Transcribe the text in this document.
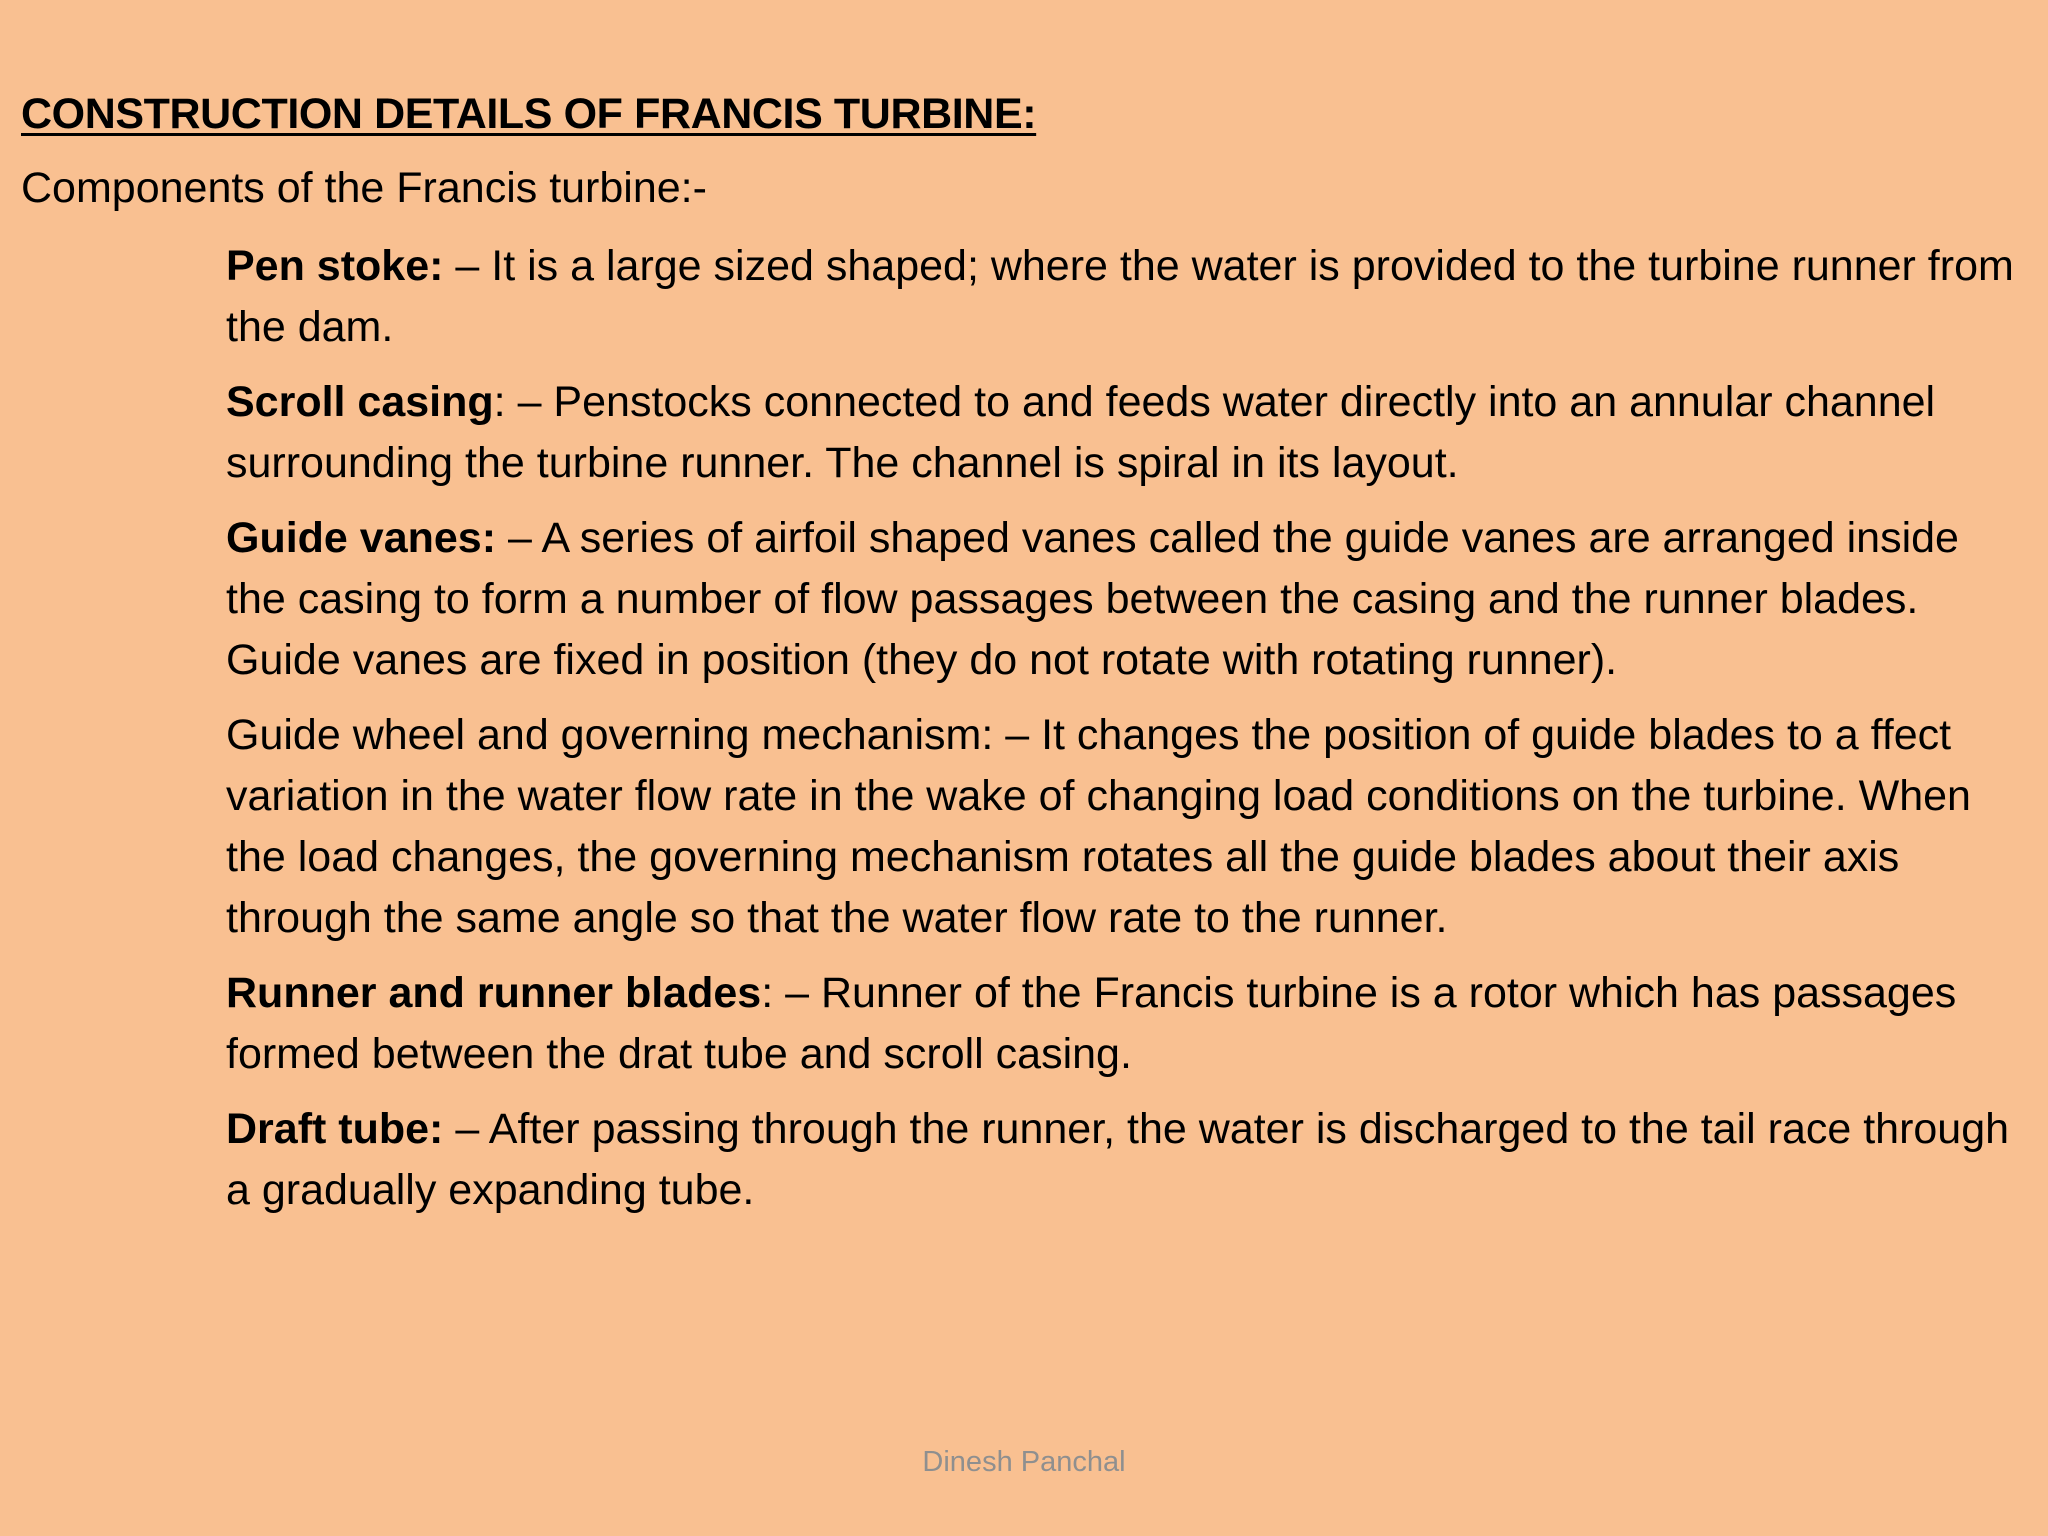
CONSTRUCTION DETAILS OF FRANCIS TURBINE:

Components of the Francis turbine:-

Pen stoke: – It is a large sized shaped; where the water is provided to the turbine runner from the dam.
Scroll casing: – Penstocks connected to and feeds water directly into an annular channel surrounding the turbine runner. The channel is spiral in its layout.
Guide vanes: – A series of airfoil shaped vanes called the guide vanes are arranged inside the casing to form a number of flow passages between the casing and the runner blades. Guide vanes are fixed in position (they do not rotate with rotating runner).
Guide wheel and governing mechanism: – It changes the position of guide blades to a ffect variation in the water flow rate in the wake of changing load conditions on the turbine. When the load changes, the governing mechanism rotates all the guide blades about their axis through the same angle so that the water flow rate to the runner.
Runner and runner blades: – Runner of the Francis turbine is a rotor which has passages formed between the drat tube and scroll casing.
Draft tube: – After passing through the runner, the water is discharged to the tail race through a gradually expanding tube.
Dinesh Panchal
